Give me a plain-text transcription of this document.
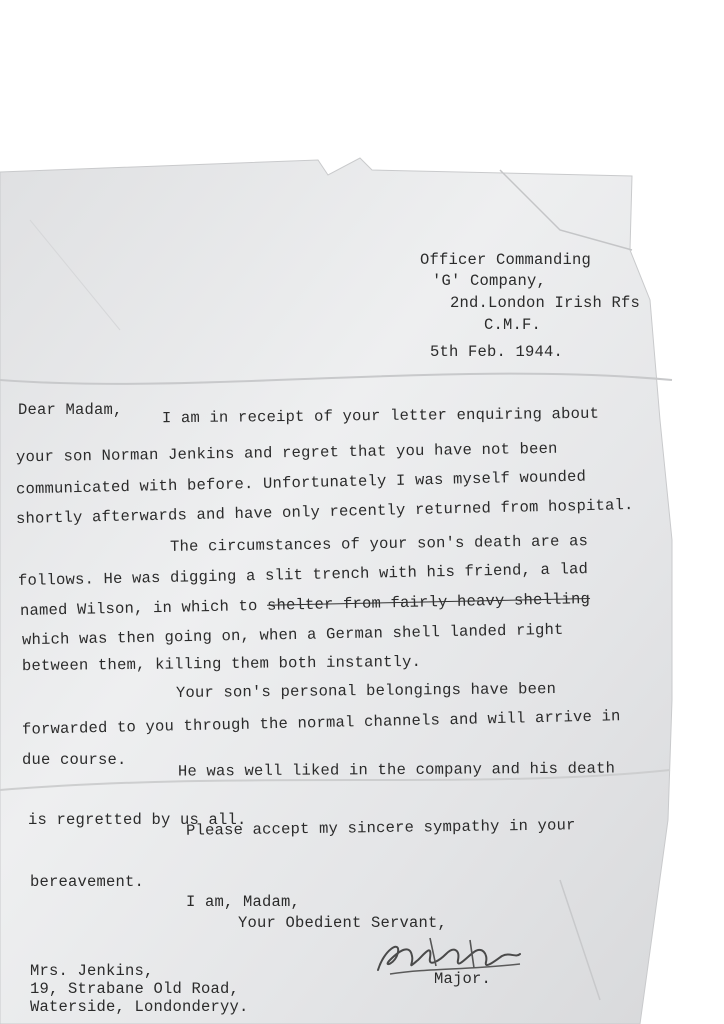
Officer Commanding
'G' Company,
2nd.London Irish Rfs
C.M.F.
5th Feb. 1944.
Dear Madam,	I am in receipt of your letter enquiring about
your son Norman Jenkins and regret that you have not been
communicated with before. Unfortunately I was myself wounded
shortly afterwards and have only recently returned from hospital.
The circumstances of your son's death are as
follows. He was digging a slit trench with his friend, a lad
named Wilson, in which to shelter from fairly heavy shelling
which was then going on, when a German shell landed right
between them, killing them both instantly.
Your son's personal belongings have been
forwarded to you through the normal channels and will arrive in
due course.	He was well liked in the company and his death
is regretted by us all.
Please accept my sincere sympathy in your
bereavement.
I am, Madam,
Your Obedient Servant,
Major.
Mrs. Jenkins,
19, Strabane Old Road,
Waterside, Londonderyy.
